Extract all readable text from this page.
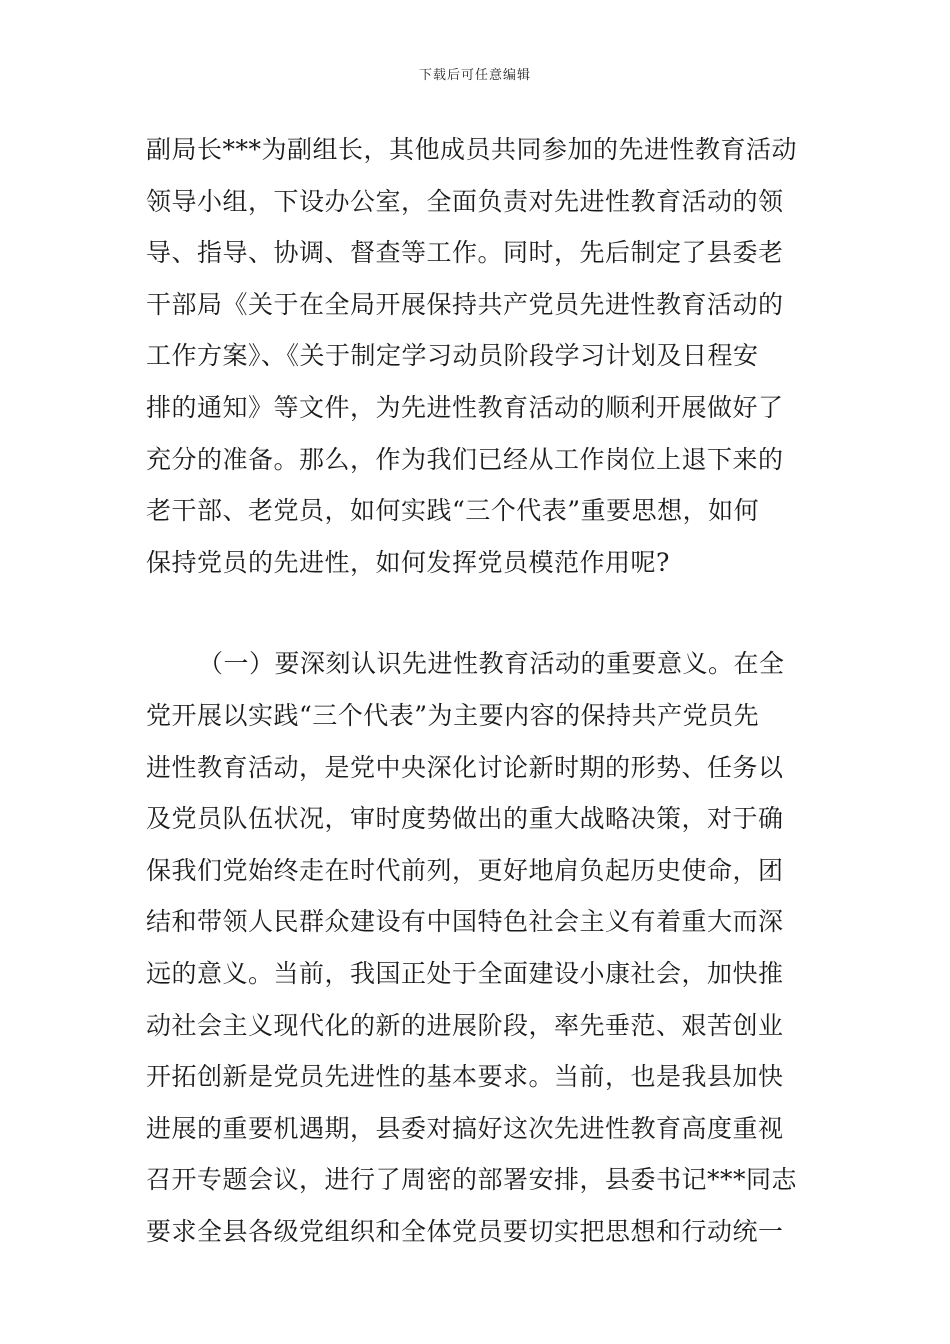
下载后可任意编辑
副局长***为副组长，其他成员共同参加的先进性教育活动
领导小组，下设办公室，全面负责对先进性教育活动的领
导、指导、协调、督查等工作。同时，先后制定了县委老
干部局《关于在全局开展保持共产党员先进性教育活动的
工作方案》、《关于制定学习动员阶段学习计划及日程安
排的通知》等文件，为先进性教育活动的顺利开展做好了
充分的准备。那么，作为我们已经从工作岗位上退下来的
老干部、老党员，如何实践“三个代表”重要思想，如何
保持党员的先进性，如何发挥党员模范作用呢?
（一）要深刻认识先进性教育活动的重要意义。在全
党开展以实践“三个代表”为主要内容的保持共产党员先
进性教育活动，是党中央深化讨论新时期的形势、任务以
及党员队伍状况，审时度势做出的重大战略决策，对于确
保我们党始终走在时代前列，更好地肩负起历史使命，团
结和带领人民群众建设有中国特色社会主义有着重大而深
远的意义。当前，我国正处于全面建设小康社会，加快推
动社会主义现代化的新的进展阶段，率先垂范、艰苦创业
开拓创新是党员先进性的基本要求。当前，也是我县加快
进展的重要机遇期，县委对搞好这次先进性教育高度重视
召开专题会议，进行了周密的部署安排，县委书记***同志
要求全县各级党组织和全体党员要切实把思想和行动统一
